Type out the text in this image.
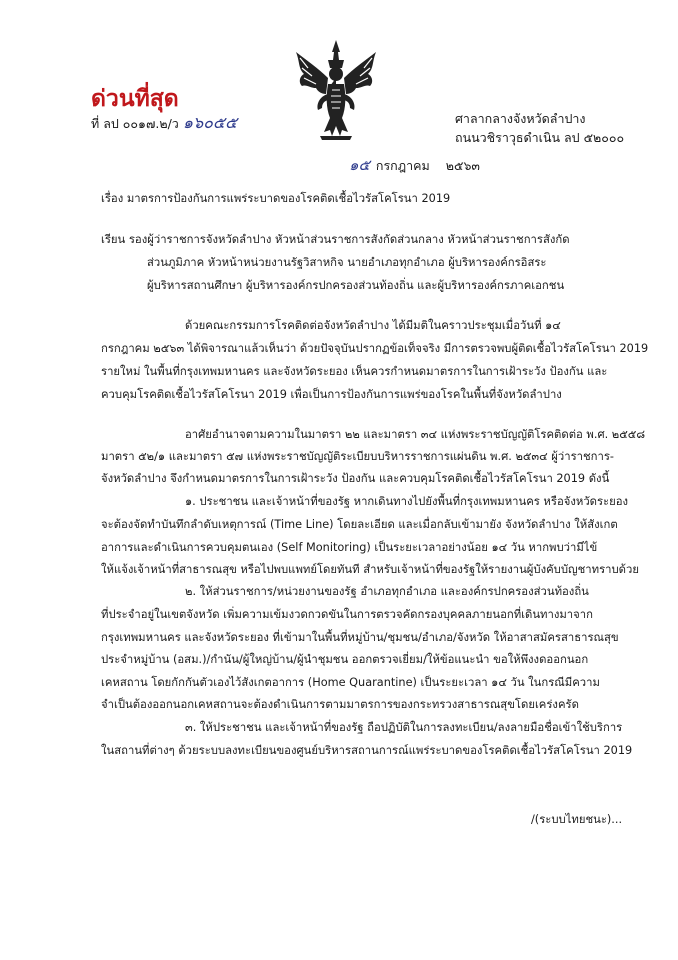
ด่วนที่สุด
ที่ ลป ๐๐๑๗.๒/ว ๑๖๐๕๕	ศาลากลางจังหวัดลำปาง
ถนนวชิราวุธดำเนิน ลป ๕๒๐๐๐
๑๕ กรกฎาคม ๒๕๖๓
เรื่อง มาตรการป้องกันการแพร่ระบาดของโรคติดเชื้อไวรัสโคโรนา 2019
เรียน รองผู้ว่าราชการจังหวัดลำปาง หัวหน้าส่วนราชการสังกัดส่วนกลาง หัวหน้าส่วนราชการสังกัด
ส่วนภูมิภาค หัวหน้าหน่วยงานรัฐวิสาหกิจ นายอำเภอทุกอำเภอ ผู้บริหารองค์กรอิสระ
ผู้บริหารสถานศึกษา ผู้บริหารองค์กรปกครองส่วนท้องถิ่น และผู้บริหารองค์กรภาคเอกชน
ด้วยคณะกรรมการโรคติดต่อจังหวัดลำปาง ได้มีมติในคราวประชุมเมื่อวันที่ ๑๔
กรกฎาคม ๒๕๖๓ ได้พิจารณาแล้วเห็นว่า ด้วยปัจจุบันปรากฏข้อเท็จจริง มีการตรวจพบผู้ติดเชื้อไวรัสโคโรนา 2019
รายใหม่ ในพื้นที่กรุงเทพมหานคร และจังหวัดระยอง เห็นควรกำหนดมาตรการในการเฝ้าระวัง ป้องกัน และ
ควบคุมโรคติดเชื้อไวรัสโคโรนา 2019 เพื่อเป็นการป้องกันการแพร่ของโรคในพื้นที่จังหวัดลำปาง
อาศัยอำนาจตามความในมาตรา ๒๒ และมาตรา ๓๔ แห่งพระราชบัญญัติโรคติดต่อ พ.ศ. ๒๕๕๘
มาตรา ๕๒/๑ และมาตรา ๕๗ แห่งพระราชบัญญัติระเบียบบริหารราชการแผ่นดิน พ.ศ. ๒๕๓๔ ผู้ว่าราชการ-
จังหวัดลำปาง จึงกำหนดมาตรการในการเฝ้าระวัง ป้องกัน และควบคุมโรคติดเชื้อไวรัสโคโรนา 2019 ดังนี้
๑. ประชาชน และเจ้าหน้าที่ของรัฐ หากเดินทางไปยังพื้นที่กรุงเทพมหานคร หรือจังหวัดระยอง
จะต้องจัดทำบันทึกลำดับเหตุการณ์ (Time Line) โดยละเอียด และเมื่อกลับเข้ามายัง จังหวัดลำปาง ให้สังเกต
อาการและดำเนินการควบคุมตนเอง (Self Monitoring) เป็นระยะเวลาอย่างน้อย ๑๔ วัน หากพบว่ามีไข้
ให้แจ้งเจ้าหน้าที่สาธารณสุข หรือไปพบแพทย์โดยทันที สำหรับเจ้าหน้าที่ของรัฐให้รายงานผู้บังคับบัญชาทราบด้วย
๒. ให้ส่วนราชการ/หน่วยงานของรัฐ อำเภอทุกอำเภอ และองค์กรปกครองส่วนท้องถิ่น
ที่ประจำอยู่ในเขตจังหวัด เพิ่มความเข้มงวดกวดขันในการตรวจคัดกรองบุคคลภายนอกที่เดินทางมาจาก
กรุงเทพมหานคร และจังหวัดระยอง ที่เข้ามาในพื้นที่หมู่บ้าน/ชุมชน/อำเภอ/จังหวัด ให้อาสาสมัครสาธารณสุข
ประจำหมู่บ้าน (อสม.)/กำนัน/ผู้ใหญ่บ้าน/ผู้นำชุมชน ออกตรวจเยี่ยม/ให้ข้อแนะนำ ขอให้พึงงดออกนอก
เคหสถาน โดยกักกันตัวเองไว้สังเกตอาการ (Home Quarantine) เป็นระยะเวลา ๑๔ วัน ในกรณีมีความ
จำเป็นต้องออกนอกเคหสถานจะต้องดำเนินการตามมาตรการของกระทรวงสาธารณสุขโดยเคร่งครัด
๓. ให้ประชาชน และเจ้าหน้าที่ของรัฐ ถือปฏิบัติในการลงทะเบียน/ลงลายมือชื่อเข้าใช้บริการ
ในสถานที่ต่างๆ ด้วยระบบลงทะเบียนของศูนย์บริหารสถานการณ์แพร่ระบาดของโรคติดเชื้อไวรัสโคโรนา 2019
/(ระบบไทยชนะ)...
